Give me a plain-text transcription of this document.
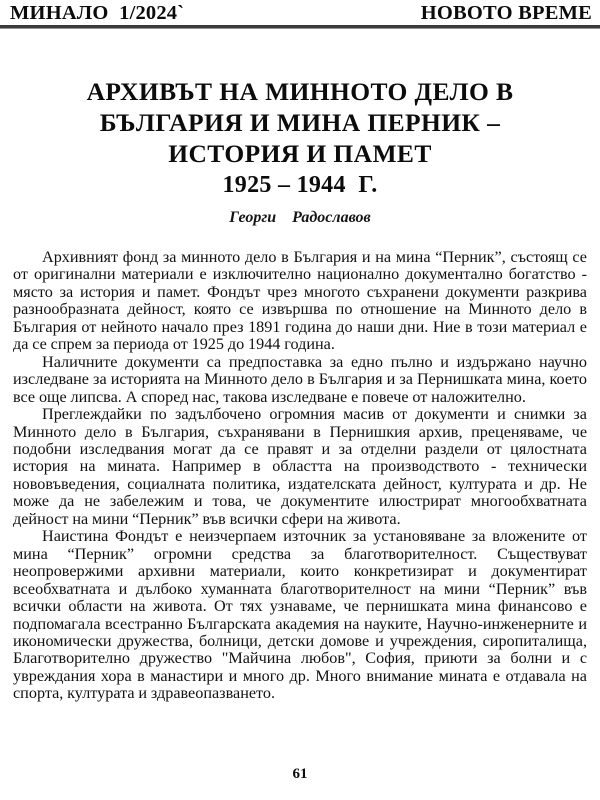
МИНАЛО  1/2024`	НОВОТО ВРЕМЕ
АРХИВЪТ НА МИННОТО ДЕЛО В
БЪЛГАРИЯ И МИНА ПЕРНИК –
ИСТОРИЯ И ПАМЕТ
1925 – 1944  Г.
Георги    Радославов

Архивният фонд за минното дело в България и на мина “Перник”, състоящ се от оригинални материали е изключително национално документално богатство - място за история и памет. Фондът чрез многото съхранени документи разкрива разнообразната дейност, която се извършва по отношение на Минното дело в България от нейното начало през 1891 година до наши дни. Ние в този материал е да се спрем за периода от 1925 до 1944 година.

Наличните документи са предпоставка за едно пълно и издържано научно изследване за историята на Минното дело в България и за Пернишката мина, което все още липсва. А според нас, такова изследване е повече от наложително.

Преглеждайки по задълбочено огромния масив от документи и снимки за Минното дело в България, съхранявани в Пернишкия архив, преценяваме, че подобни изследвания могат да се правят и за отделни раздели от цялостната история на мината. Например в областта на производството - технически нововъведения, социалната политика, издателската дейност, културата и др. Не може да не забележим и това, че документите илюстрират многообхватната дейност на мини “Перник” във всички сфери на живота.

Наистина Фондът е неизчерпаем източник за установяване за вложените от мина “Перник” огромни средства за благотворителност. Съществуват неопровержими архивни материали, които конкретизират и документират всеобхватната и дълбоко хуманната благотворителност на мини “Перник” във всички области на живота. От тях узнаваме, че пернишката мина финансово е подпомагала всестранно Българската академия на науките, Научно-инженерните и икономически дружества, болници, детски домове и учреждения, сиропиталища, Благотворително дружество "Майчина любов", София, приюти за болни и с увреждания хора в манастири и много др. Много внимание мината е отдавала на спорта, културата и здравеопазването.

61
